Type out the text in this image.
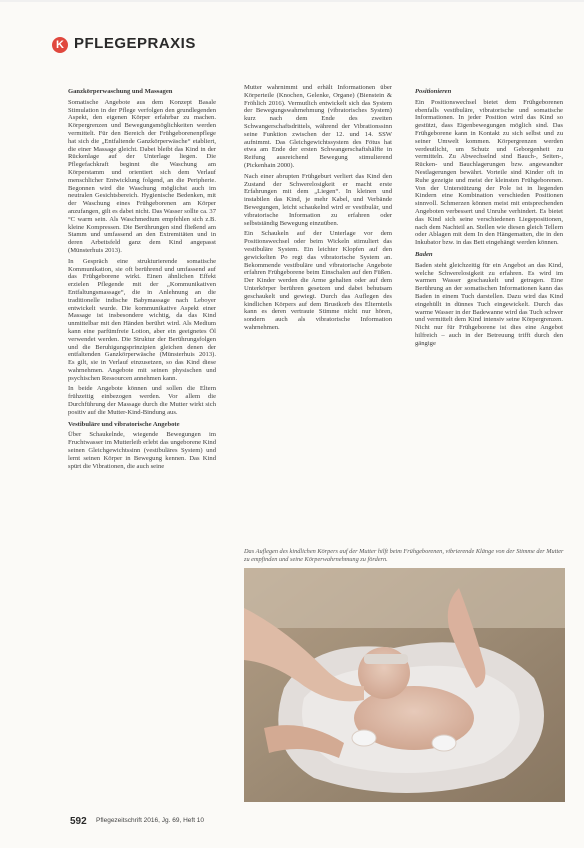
K PFLEGEPRAXIS

Ganzkörperwaschung und Massagen

Somatische Angebote aus dem Konzept Basale Stimulation in der Pflege verfolgen den grundlegenden Aspekt, den eigenen Körper erfahrbar zu machen. Körpergrenzen und Bewegungsmöglichkeiten werden vermittelt. Für den Bereich der Frühgeborenenpflege hat sich die „Entfaltende Ganzkörperwäsche“ etabliert, die einer Massage gleicht. Dabei bleibt das Kind in der Rückenlage auf der Unterlage liegen. Die Pflegefachkraft beginnt die Waschung am Körperstamm und orientiert sich dem Verlauf menschlicher Entwicklung folgend, an die Peripherie. Begonnen wird die Waschung möglichst auch im neutralen Gesichtsbereich. Hygienische Bedenken, mit der Waschung eines Frühgeborenen am Körper anzufangen, gilt es dabei nicht. Das Wasser sollte ca. 37 °C warm sein. Als Waschmedium empfehlen sich z.B. kleine Kompressen. Die Berührungen sind fließend am Stamm und umfassend an den Extremitäten und in deren Arbeitsfeld ganz dem Kind angepasst (Münsterhuis 2013).

In Gespräch eine strukturierende somatische Kommunikation, sie oft berührend und umfassend auf das Frühgeborene wirkt. Einen ähnlichen Effekt erzielen Pflegende mit der „Kommunikativen Entfaltungsmassage“, die in Anlehnung an die traditionelle indische Babymassage nach Leboyer entwickelt wurde. Die kommunikative Aspekt einer Massage ist insbesondere wichtig, da das Kind unmittelbar mit den Händen berührt wird. Als Medium kann eine parfümfreie Lotion, aber ein geeignetes Öl verwendet werden. Die Struktur der Berührungsfolgen und die Beruhigungsprinzipien gleichen denen der entfaltenden Ganzkörperwäsche (Münsterhuis 2013). Es gilt, sie in Verlauf einzusetzen, so das Kind diese wahrnehmen. Angebote mit seinen physischen und psychischen Ressourcen annehmen kann.

In beide Angebote können und sollen die Eltern frühzeitig einbezogen werden. Vor allem die Durchführung der Massage durch die Mutter wirkt sich positiv auf die Mutter-Kind-Bindung aus.

Vestibuläre und vibratorische Angebote

Über Schaukelnde, wiegende Bewegungen im Fruchtwasser im Mutterleib erlebt das ungeborene Kind seinen Gleichgewichtssinn (vestibuläres System) und lernt seinen Körper in Bewegung kennen. Das Kind spürt die Vibrationen, die auch seine

Mutter wahrnimmt und erhält Informationen über Körperteile (Knochen, Gelenke, Organe) (Bienstein & Fröhlich 2016). Vermutlich entwickelt sich das System der Bewegungswahrnehmung (vibratorisches System) kurz nach dem Ende des zweiten Schwangerschaftsdrittels, während der Vibrationssinn seine Funktion zwischen der 12. und 14. SSW aufnimmt. Das Gleichgewichtssystem des Fötus hat etwa am Ende der ersten Schwangerschaftshälfte in Reifung ausreichend Bewegung stimulierend (Pickenhain 2000).

Nach einer abrupten Frühgeburt verliert das Kind den Zustand der Schwerelosigkeit er macht erste Erfahrungen mit dem „Liegen“. In kleinen und instabilen das Kind, je mehr Kabel, und Verbände Bewegungen, leicht schaukelnd wird er vestibulär, und vibratorische Information zu erfahren oder selbstständig Bewegung einzuüben.

Ein Schaukeln auf der Unterlage vor dem Positionswechsel oder beim Wickeln stimuliert das vestibuläre System. Ein leichter Klopfen auf den gewickelten Po regt das vibratorische System an. Bekommende vestibuläre und vibratorische Angebote erfahren Frühgeborene beim Einschalen auf den Füßen. Der Kinder werden die Arme gehalten oder auf dem Unterkörper berühren gesetzen und dabei behutsam geschaukelt und gewiegt. Durch das Auflegen des kindlichen Körpers auf dem Brustkorb des Elternteils kann es deren vertraute Stimme nicht nur hören, sondern auch als vibratorische Information wahrnehmen.

Positionieren

Ein Positionswechsel bietet dem Frühgeborenen ebenfalls vestibuläre, vibratorische und somatische Informationen. In jeder Position wird das Kind so gestützt, dass Eigenbewegungen möglich sind. Das Frühgeborene kann in Kontakt zu sich selbst und zu seiner Umwelt kommen. Körpergrenzen werden verdeutlicht, um Schutz und Geborgenheit zu vermitteln. Zu Abwechselnd sind Bauch-, Seiten-, Rücken- und Bauchlagerungen bzw. angewandter Nestlagerungen bewährt. Vorteile sind Kinder oft in Ruhe gezeigte und meist der kleinsten Frühgeborenen. Von der Unterstützung der Pole ist in liegenden Kindern eine Kombination verschieden Positionen sinnvoll. Schmerzen können meist mit entsprechenden Angeboten verbessert und Unruhe verhindert. Es bietet das Kind sich seine verschiedenen Liegepositionen, nach dem Nachteil an. Stellen wie diesen gleich Tellern oder Ablagen mit dem In den Hängematten, die in den Inkubator bzw. in das Bett eingehängt werden können.

Baden

Baden steht gleichzeitig für ein Angebot an das Kind, welche Schwerelosigkeit zu erfahren. Es wird im warmen Wasser geschaukelt und getragen. Eine Berührung an der somatischen Informationen kann das Baden in einem Tuch darstellen. Dazu wird das Kind eingehüllt in dünnes Tuch eingewickelt. Durch das warme Wasser in der Badewanne wird das Tuch schwer und vermittelt dem Kind intensiv seine Körpergrenzen. Nicht nur für Frühgeborene ist dies eine Angebot hilfreich – auch in der Betreuung trifft durch den gängige

Das Auflegen des kindlichen Körpers auf der Mutter hilft beim Frühgeborenen, vibrierende Klänge von der Stimme der Mutter zu empfinden und seine Körperwahrnehmung zu fördern.
592 Pflegezeitschrift 2016, Jg. 69, Heft 10
